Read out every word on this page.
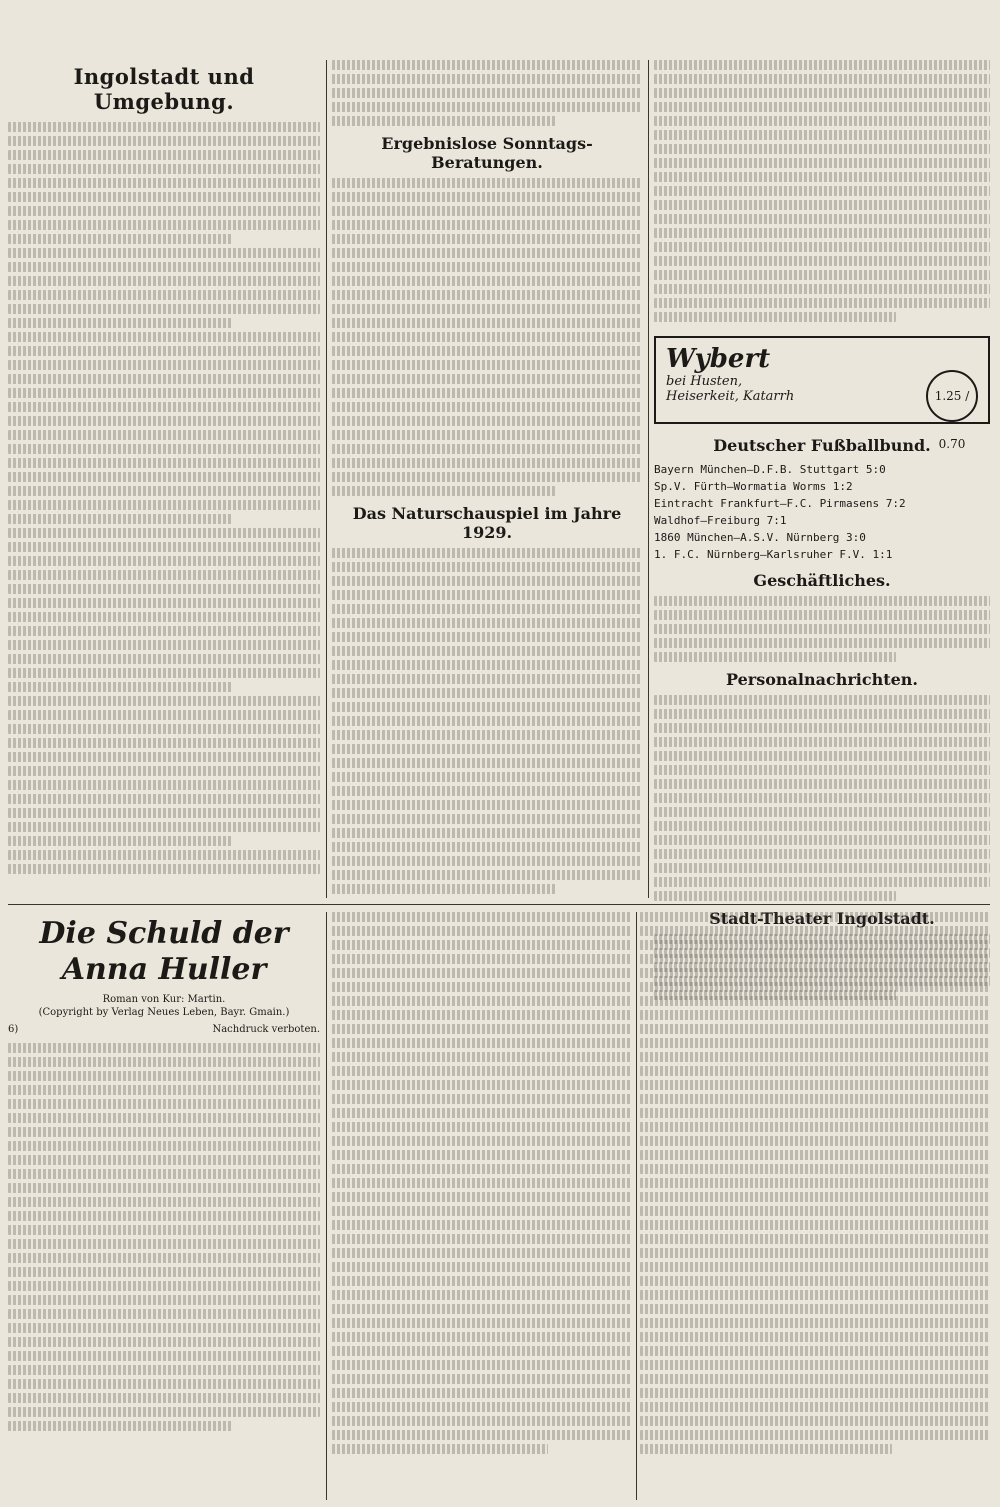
Ingolstadt und Umgebung.
Ergebnislose Sonntags-Beratungen.
Das Naturschauspiel im Jahre 1929.
Wybert
bei Husten,
Heiserkeit, Katarrh	1.25 / 0.70
Deutscher Fußballbund.
Bayern München–D.F.B. Stuttgart 5:0
Sp.V. Fürth–Wormatia Worms 1:2
Eintracht Frankfurt–F.C. Pirmasens 7:2
Waldhof–Freiburg 7:1
1860 München–A.S.V. Nürnberg 3:0
1. F.C. Nürnberg–Karlsruher F.V. 1:1
Geschäftliches.
Personalnachrichten.
Stadt-Theater Ingolstadt.
Die Schuld der Anna Huller
Roman von Kur: Martin.
(Copyright by Verlag Neues Leben, Bayr. Gmain.)
6)	Nachdruck verboten.
